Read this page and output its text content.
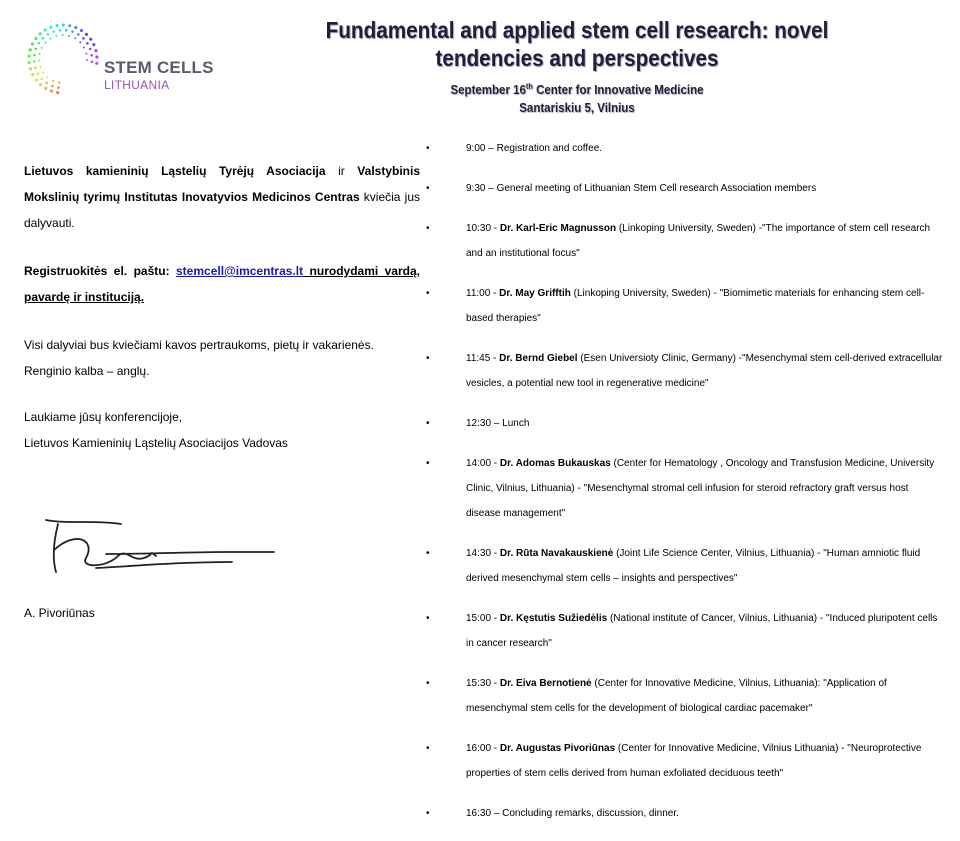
STEM CELLS
LITHUANIA
Fundamental and applied stem cell research: novel tendencies and perspectives
September 16th Center for Innovative Medicine
Santariskiu 5, Vilnius

Lietuvos kamieninių Ląstelių Tyrėjų Asociacija ir Valstybinis Mokslinių tyrimų Institutas Inovatyvios Medicinos Centras kviečia jus dalyvauti.

Registruokitės el. paštu: stemcell@imcentras.lt nurodydami vardą, pavardę ir instituciją.

Visi dalyviai bus kviečiami kavos pertraukoms, pietų ir vakarienės.

Renginio kalba – anglų.

Laukiame jūsų konferencijoje,

Lietuvos Kamieninių Ląstelių Asociacijos Vadovas

A. Pivoriūnas
•	9:00 – Registration and coffee.
•	9:30 – General meeting of Lithuanian Stem Cell research Association members
•	10:30 - Dr. Karl-Eric Magnusson (Linkoping University, Sweden) -"The importance of stem cell research and an institutional focus"
•	11:00 - Dr. May Grifftih (Linkoping University, Sweden) - "Biomimetic materials for enhancing stem cell-based therapies"
•	11:45 - Dr. Bernd Giebel (Esen Universioty Clinic, Germany) -"Mesenchymal stem cell-derived extracellular vesicles, a potential new tool in regenerative medicine"
•	12:30 – Lunch
•	14:00 - Dr. Adomas Bukauskas (Center for Hematology , Oncology and Transfusion Medicine, University Clinic, Vilnius, Lithuania) - "Mesenchymal stromal cell infusion for steroid refractory graft versus host disease management"
•	14:30 - Dr. Rūta Navakauskienė (Joint Life Science Center, Vilnius, Lithuania) - "Human amniotic fluid derived mesenchymal stem cells – insights and perspectives"
•	15:00 - Dr. Kęstutis Sužiedėlis (National institute of Cancer, Vilnius, Lithuania) - "Induced pluripotent cells in cancer research"
•	15:30 - Dr. Eiva Bernotienė (Center for Innovative Medicine, Vilnius, Lithuania): "Application of mesenchymal stem cells for the development of biological cardiac pacemaker"
•	16:00 - Dr. Augustas Pivoriūnas (Center for Innovative Medicine, Vilnius Lithuania) - "Neuroprotective properties of stem cells derived from human exfoliated deciduous teeth"
•	16:30 – Concluding remarks, discussion, dinner.
